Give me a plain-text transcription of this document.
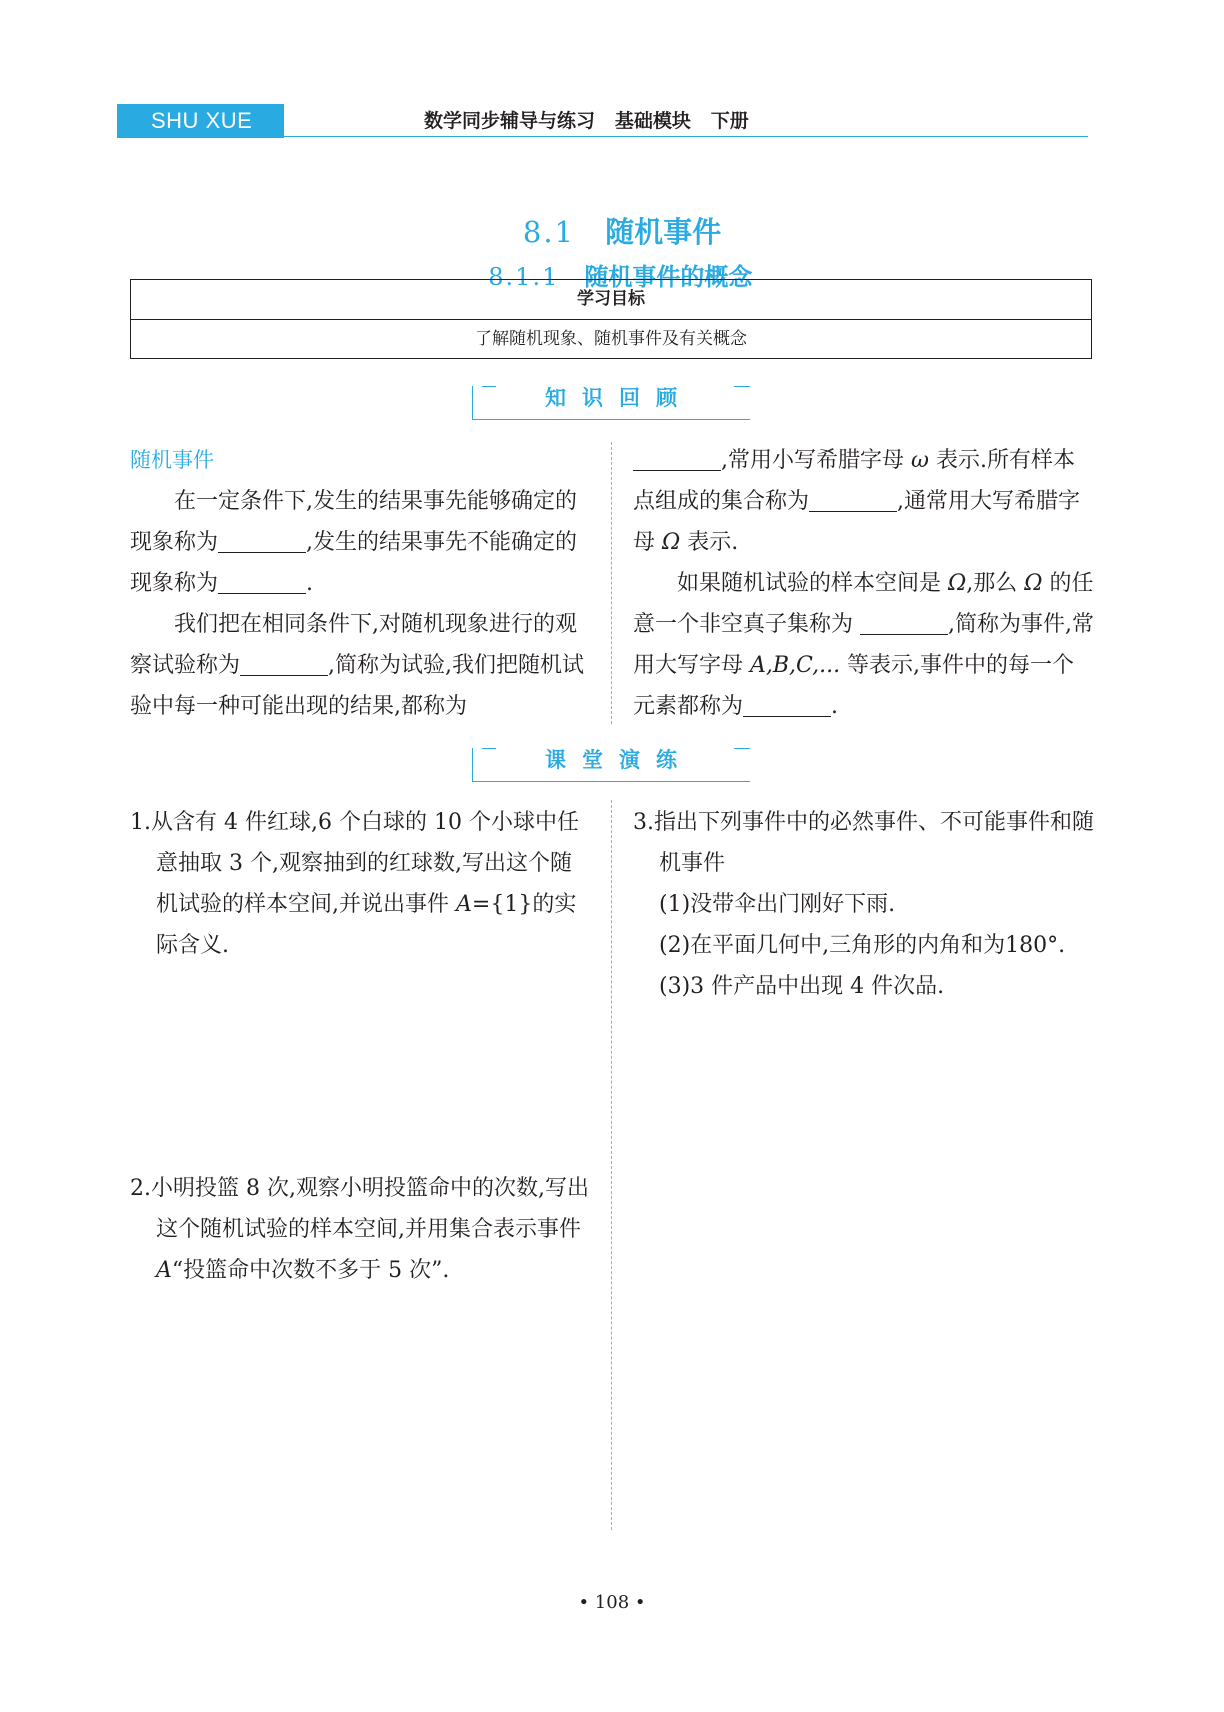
SHU XUE	数学同步辅导与练习   基础模块   下册

8.1 随机事件

8.1.1 随机事件的概念

学习目标
了解随机现象、随机事件及有关概念
知识回顾
随机事件

在一定条件下,发生的结果事先能够确定的现象称为	,发生的结果事先不能确定的现象称为	.

我们把在相同条件下,对随机现象进行的观察试验称为	,简称为试验,我们把随机试验中每一种可能出现的结果,都称为

,常用小写希腊字母 ω 表示.所有样本点组成的集合称为	,通常用大写希腊字母 Ω 表示.

如果随机试验的样本空间是 Ω,那么 Ω 的任意一个非空真子集称为	,简称为事件,常用大写字母 A,B,C,... 等表示,事件中的每一个元素都称为	.

课堂演练

1.从含有 4 件红球,6 个白球的 10 个小球中任意抽取 3 个,观察抽到的红球数,写出这个随机试验的样本空间,并说出事件 A={1}的实际含义.

2.小明投篮 8 次,观察小明投篮命中的次数,写出这个随机试验的样本空间,并用集合表示事件 A“投篮命中次数不多于 5 次”.

3.指出下列事件中的必然事件、不可能事件和随机事件

(1)没带伞出门刚好下雨.

(2)在平面几何中,三角形的内角和为180°.

(3)3 件产品中出现 4 件次品.

• 108 •
